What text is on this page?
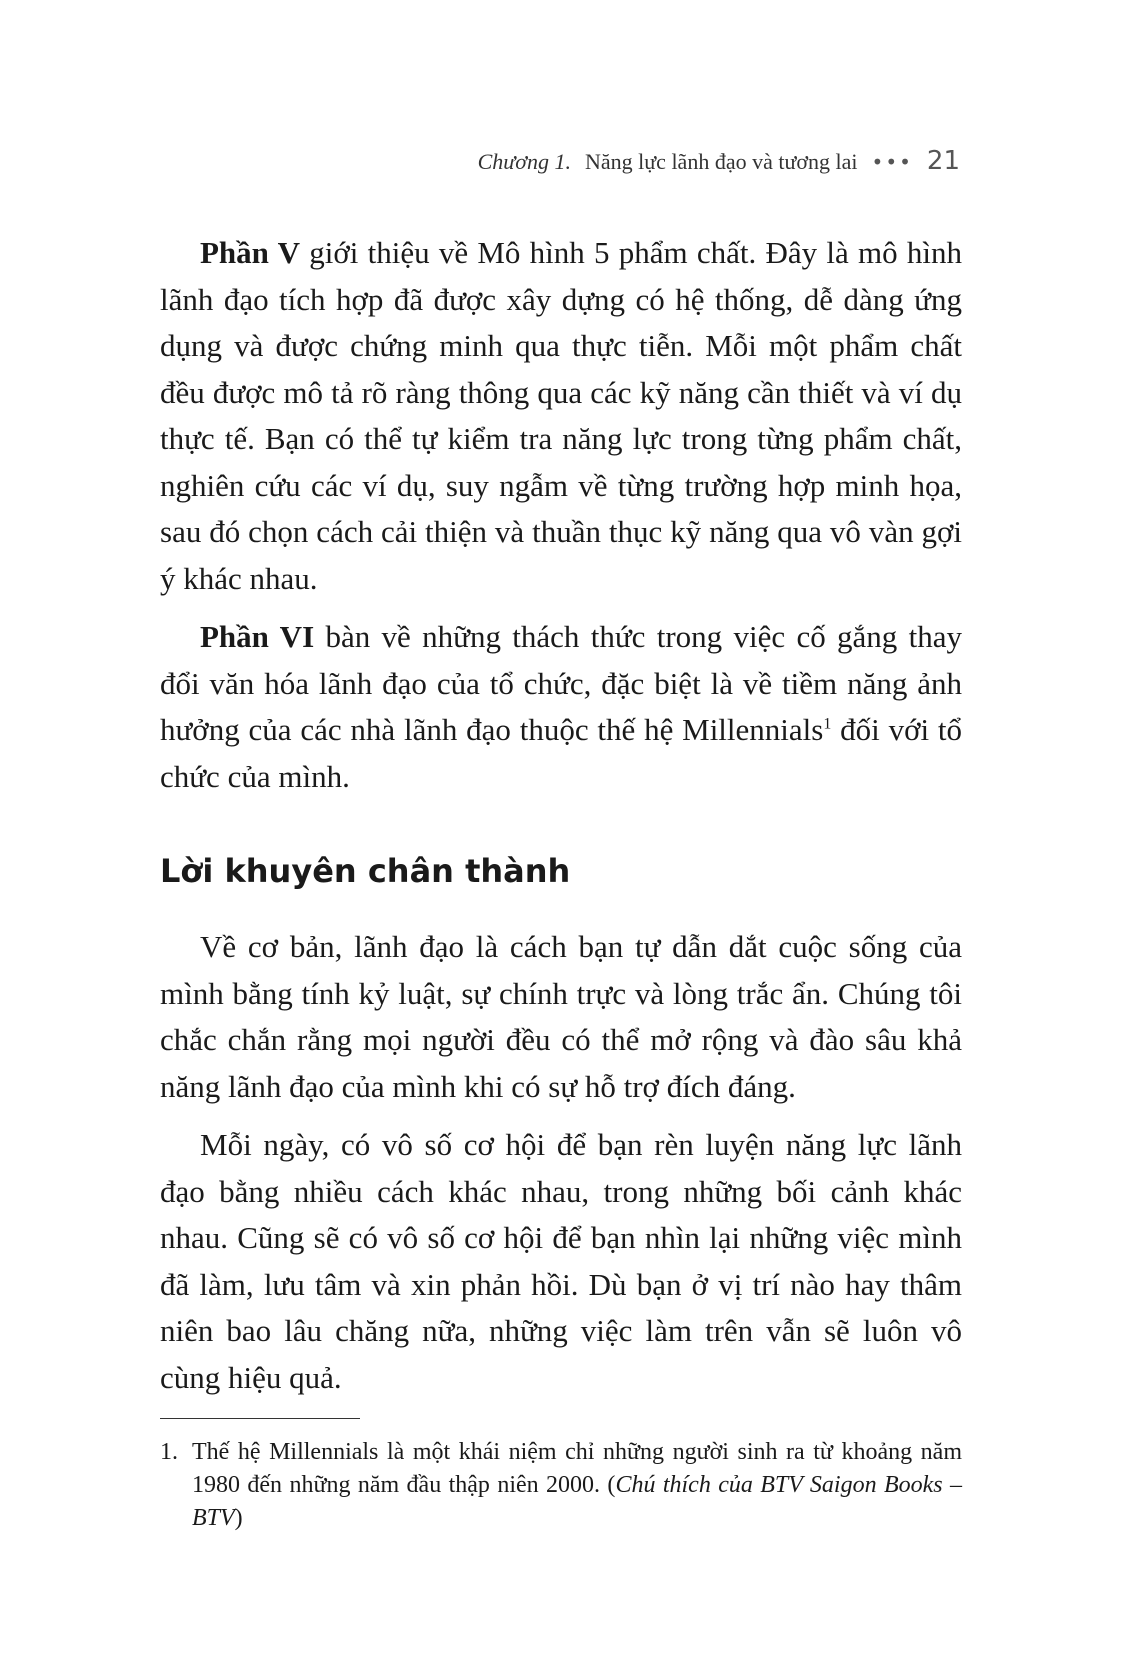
Chương 1. Năng lực lãnh đạo và tương lai ••• 21

Phần V giới thiệu về Mô hình 5 phẩm chất. Đây là mô hình lãnh đạo tích hợp đã được xây dựng có hệ thống, dễ dàng ứng dụng và được chứng minh qua thực tiễn. Mỗi một phẩm chất đều được mô tả rõ ràng thông qua các kỹ năng cần thiết và ví dụ thực tế. Bạn có thể tự kiểm tra năng lực trong từng phẩm chất, nghiên cứu các ví dụ, suy ngẫm về từng trường hợp minh họa, sau đó chọn cách cải thiện và thuần thục kỹ năng qua vô vàn gợi ý khác nhau.

Phần VI bàn về những thách thức trong việc cố gắng thay đổi văn hóa lãnh đạo của tổ chức, đặc biệt là về tiềm năng ảnh hưởng của các nhà lãnh đạo thuộc thế hệ Millennials$^1$ đối với tổ chức của mình.

Lời khuyên chân thành

Về cơ bản, lãnh đạo là cách bạn tự dẫn dắt cuộc sống của mình bằng tính kỷ luật, sự chính trực và lòng trắc ẩn. Chúng tôi chắc chắn rằng mọi người đều có thể mở rộng và đào sâu khả năng lãnh đạo của mình khi có sự hỗ trợ đích đáng.

Mỗi ngày, có vô số cơ hội để bạn rèn luyện năng lực lãnh đạo bằng nhiều cách khác nhau, trong những bối cảnh khác nhau. Cũng sẽ có vô số cơ hội để bạn nhìn lại những việc mình đã làm, lưu tâm và xin phản hồi. Dù bạn ở vị trí nào hay thâm niên bao lâu chăng nữa, những việc làm trên vẫn sẽ luôn vô cùng hiệu quả.

1. Thế hệ Millennials là một khái niệm chỉ những người sinh ra từ khoảng năm 1980 đến những năm đầu thập niên 2000. (Chú thích của BTV Saigon Books – BTV)
